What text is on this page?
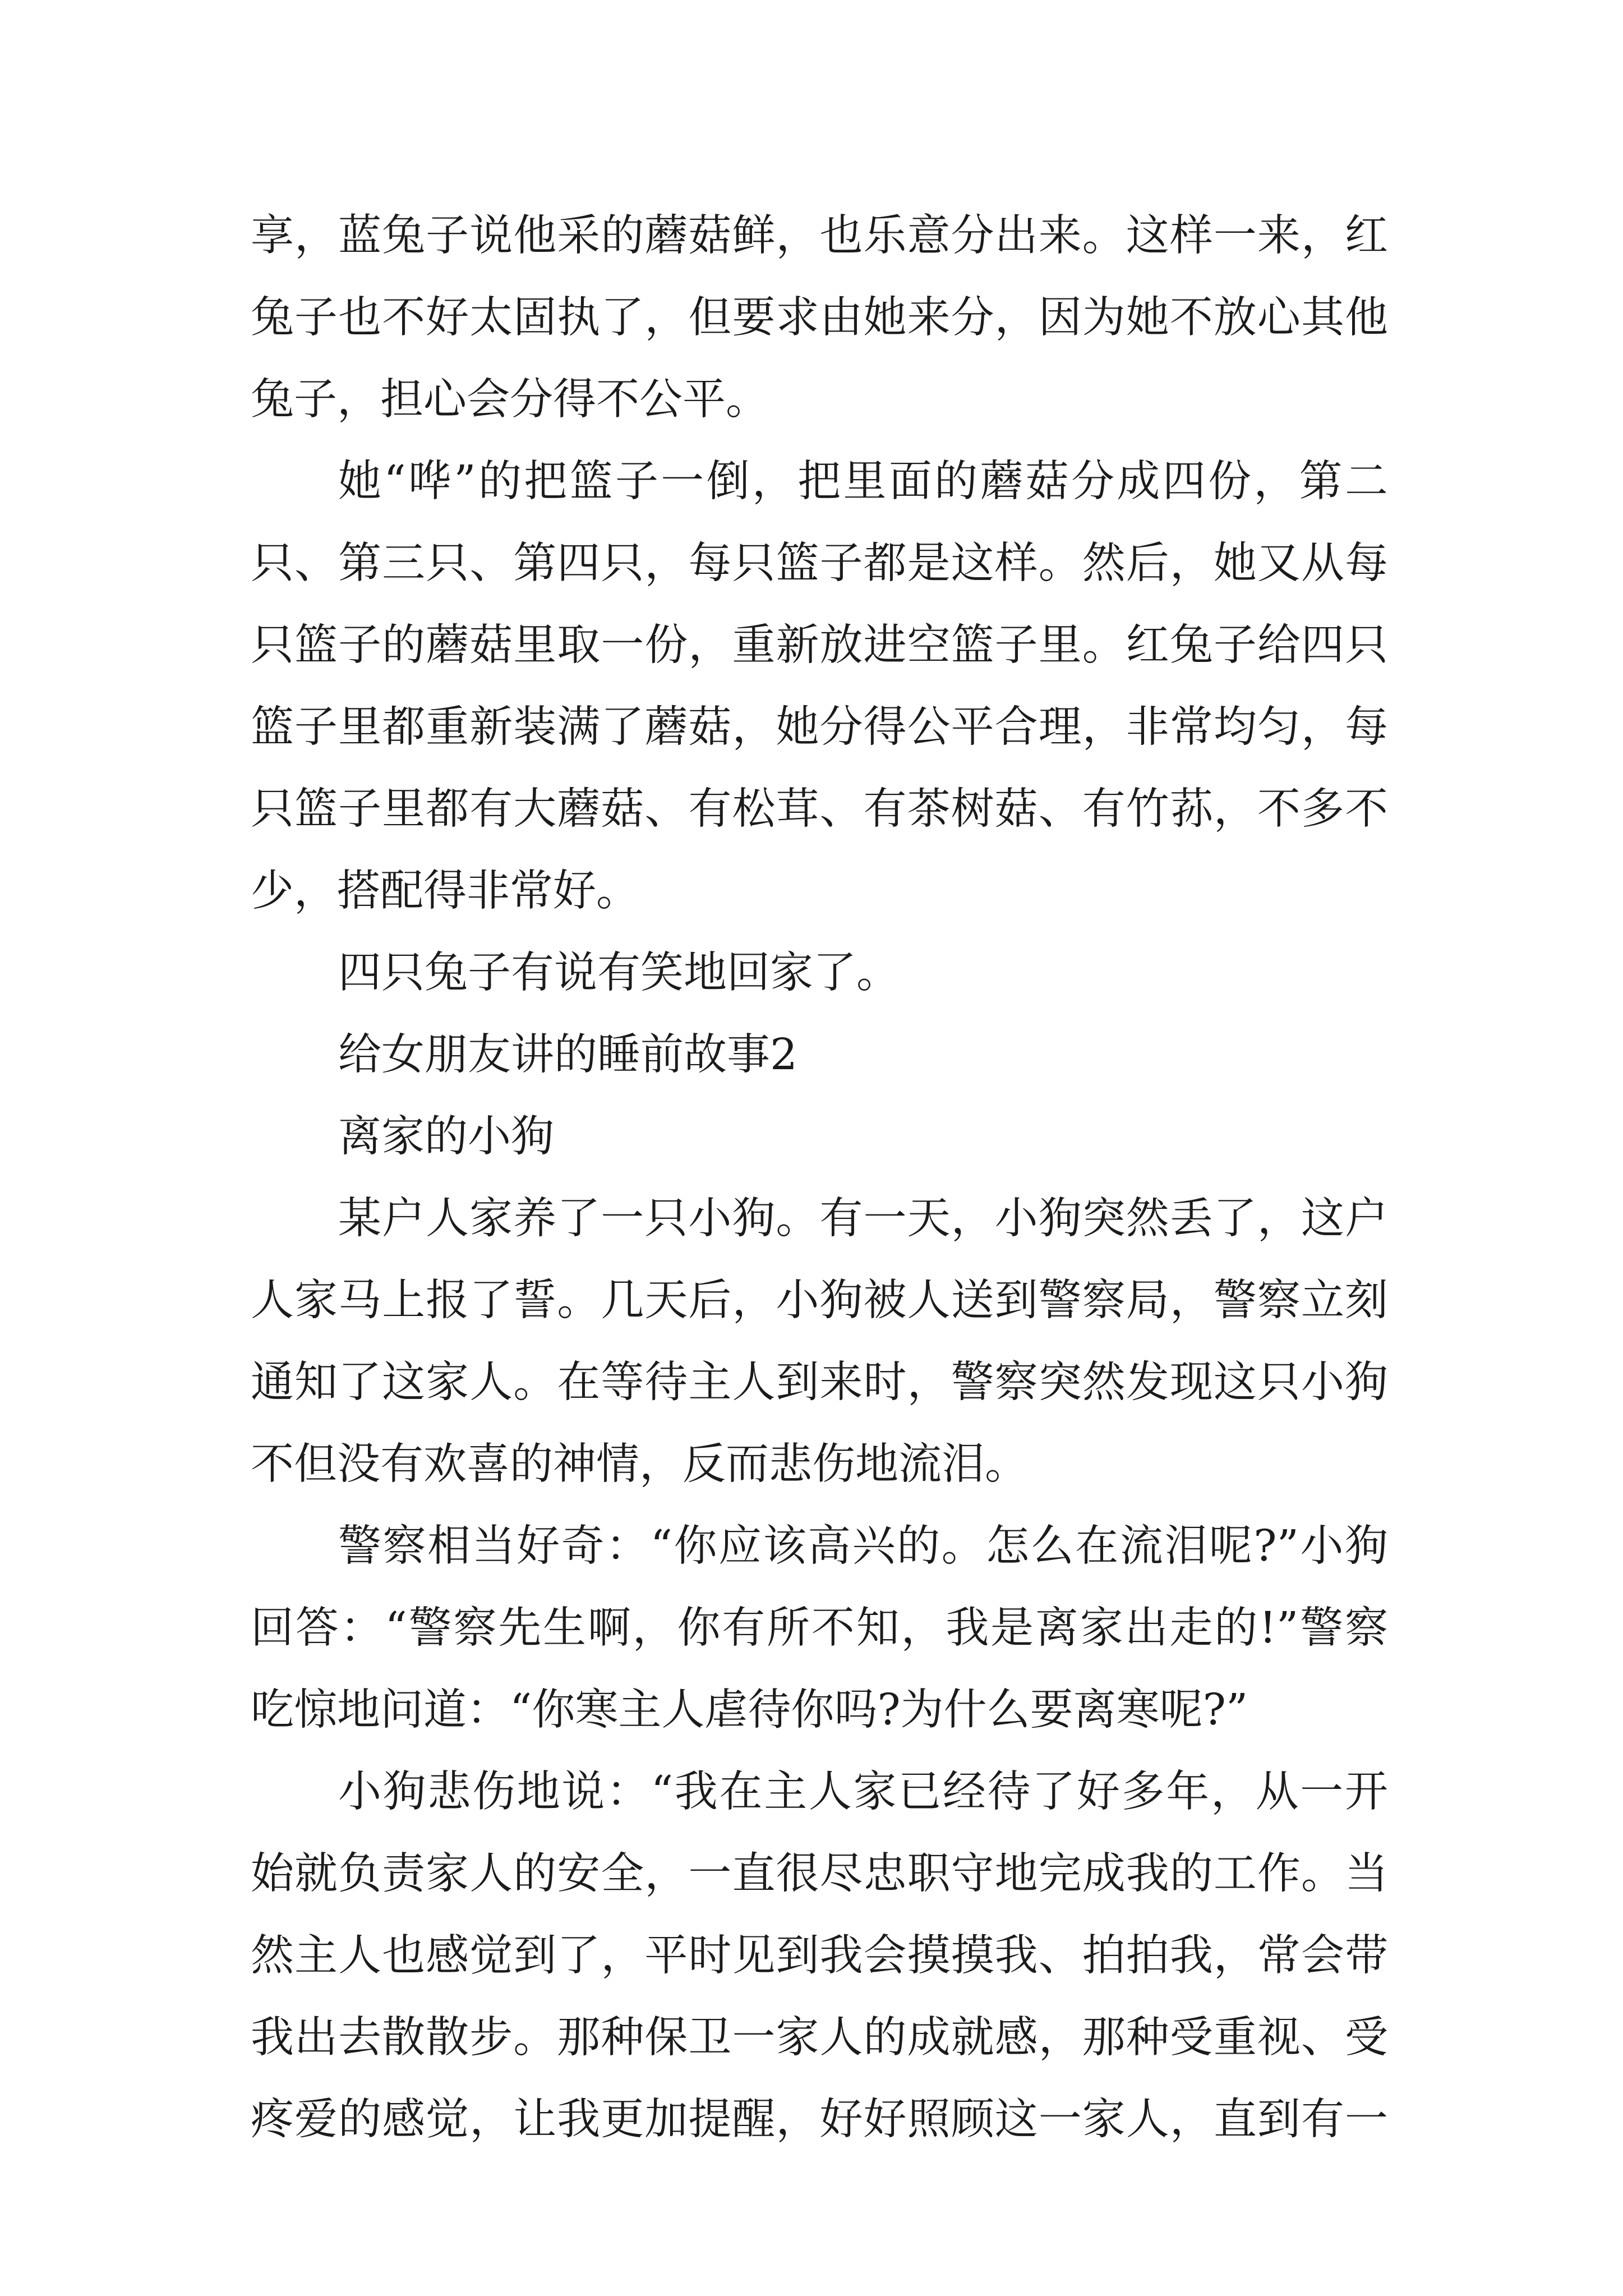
享，蓝兔子说他采的蘑菇鲜，也乐意分出来。这样一来，红
兔子也不好太固执了，但要求由她来分，因为她不放心其他
兔子，担心会分得不公平。
她“哗”的把篮子一倒，把里面的蘑菇分成四份，第二
只、第三只、第四只，每只篮子都是这样。然后，她又从每
只篮子的蘑菇里取一份，重新放进空篮子里。红兔子给四只
篮子里都重新装满了蘑菇，她分得公平合理，非常均匀，每
只篮子里都有大蘑菇、有松茸、有茶树菇、有竹荪，不多不
少，搭配得非常好。
四只兔子有说有笑地回家了。
给女朋友讲的睡前故事2
离家的小狗
某户人家养了一只小狗。有一天，小狗突然丢了，这户
人家马上报了誓。几天后，小狗被人送到警察局，警察立刻
通知了这家人。在等待主人到来时，警察突然发现这只小狗
不但没有欢喜的神情，反而悲伤地流泪。
警察相当好奇：“你应该高兴的。怎么在流泪呢?”小狗
回答：“警察先生啊，你有所不知，我是离家出走的!”警察
吃惊地问道：“你寒主人虐待你吗?为什么要离寒呢?”
小狗悲伤地说：“我在主人家已经待了好多年，从一开
始就负责家人的安全，一直很尽忠职守地完成我的工作。当
然主人也感觉到了，平时见到我会摸摸我、拍拍我，常会带
我出去散散步。那种保卫一家人的成就感，那种受重视、受
疼爱的感觉，让我更加提醒，好好照顾这一家人，直到有一
